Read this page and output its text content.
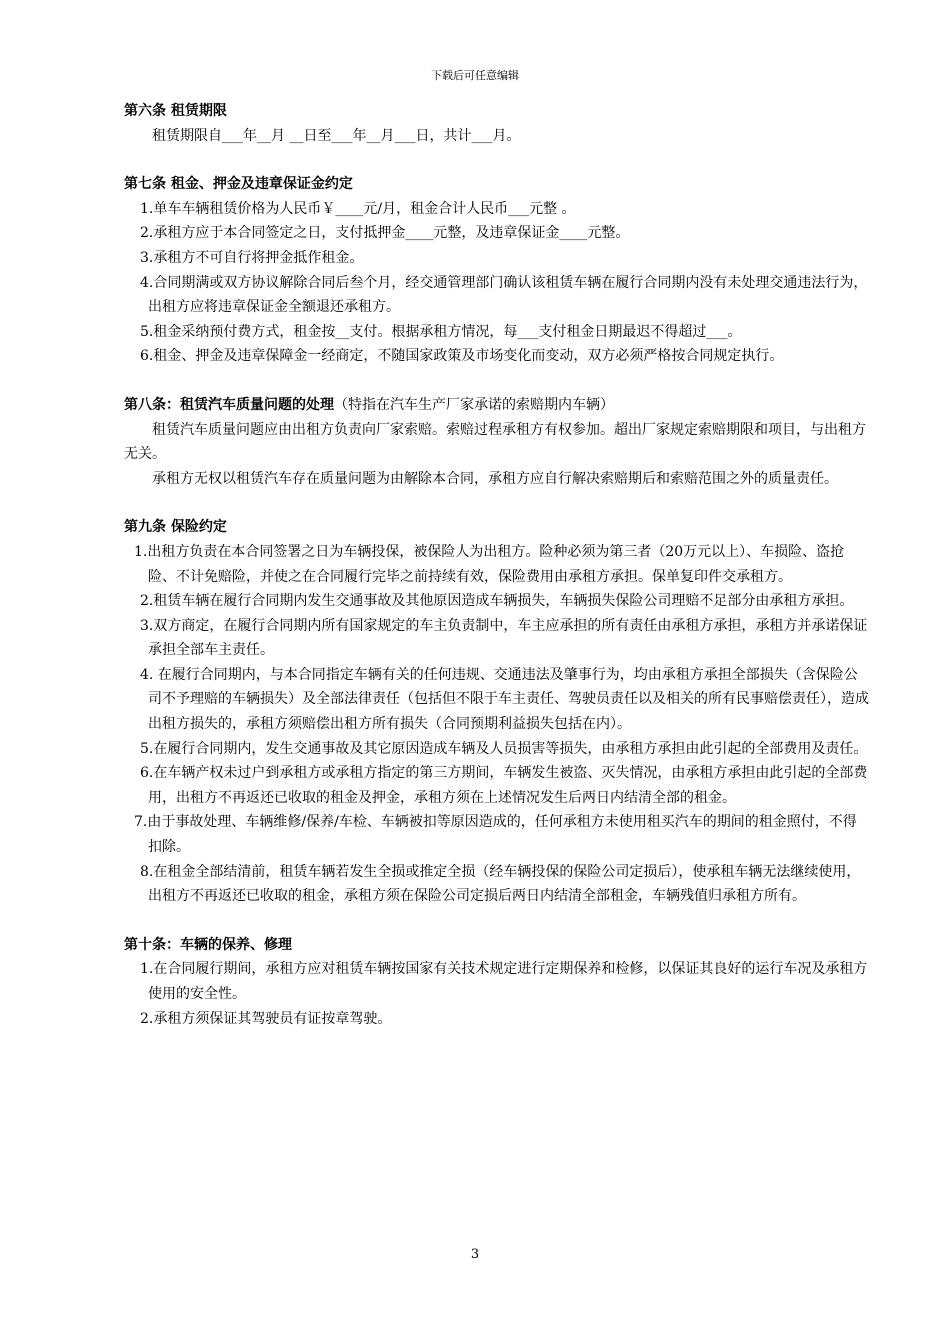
下载后可任意编辑
第六条 租赁期限

租赁期限自___年__月 __日至___年__月___日，共计___月。

第七条 租金、押金及违章保证金约定

1.单车车辆租赁价格为人民币￥____元/月，租金合计人民币___元整 。

2.承租方应于本合同签定之日，支付抵押金____元整，及违章保证金____元整。

3.承租方不可自行将押金抵作租金。

4.合同期满或双方协议解除合同后叁个月，经交通管理部门确认该租赁车辆在履行合同期内没有未处理交通违法行为，出租方应将违章保证金全额退还承租方。

5.租金采纳预付费方式，租金按__支付。根据承租方情况，每___支付租金日期最迟不得超过___。

6.租金、押金及违章保障金一经商定，不随国家政策及市场变化而变动，双方必须严格按合同规定执行。

第八条：租赁汽车质量问题的处理（特指在汽车生产厂家承诺的索赔期内车辆）

租赁汽车质量问题应由出租方负责向厂家索赔。索赔过程承租方有权参加。超出厂家规定索赔期限和项目，与出租方无关。

承租方无权以租赁汽车存在质量问题为由解除本合同，承租方应自行解决索赔期后和索赔范围之外的质量责任。

第九条 保险约定

1.出租方负责在本合同签署之日为车辆投保，被保险人为出租方。险种必须为第三者（20万元以上）、车损险、盗抢险、不计免赔险，并使之在合同履行完毕之前持续有效，保险费用由承租方承担。保单复印件交承租方。

2.租赁车辆在履行合同期内发生交通事故及其他原因造成车辆损失，车辆损失保险公司理赔不足部分由承租方承担。

3.双方商定，在履行合同期内所有国家规定的车主负责制中，车主应承担的所有责任由承租方承担，承租方并承诺保证承担全部车主责任。

4. 在履行合同期内，与本合同指定车辆有关的任何违规、交通违法及肇事行为，均由承租方承担全部损失（含保险公司不予理赔的车辆损失）及全部法律责任（包括但不限于车主责任、驾驶员责任以及相关的所有民事赔偿责任），造成出租方损失的，承租方须赔偿出租方所有损失（合同预期利益损失包括在内）。

5.在履行合同期内，发生交通事故及其它原因造成车辆及人员损害等损失，由承租方承担由此引起的全部费用及责任。

6.在车辆产权未过户到承租方或承租方指定的第三方期间，车辆发生被盗、灭失情况，由承租方承担由此引起的全部费用，出租方不再返还已收取的租金及押金，承租方须在上述情况发生后两日内结清全部的租金。

7.由于事故处理、车辆维修/保养/车检、车辆被扣等原因造成的，任何承租方未使用租买汽车的期间的租金照付，不得扣除。

8.在租金全部结清前，租赁车辆若发生全损或推定全损（经车辆投保的保险公司定损后），使承租车辆无法继续使用，出租方不再返还已收取的租金，承租方须在保险公司定损后两日内结清全部租金，车辆残值归承租方所有。

第十条：车辆的保养、修理

1.在合同履行期间，承租方应对租赁车辆按国家有关技术规定进行定期保养和检修，以保证其良好的运行车况及承租方使用的安全性。

2.承租方须保证其驾驶员有证按章驾驶。

3
